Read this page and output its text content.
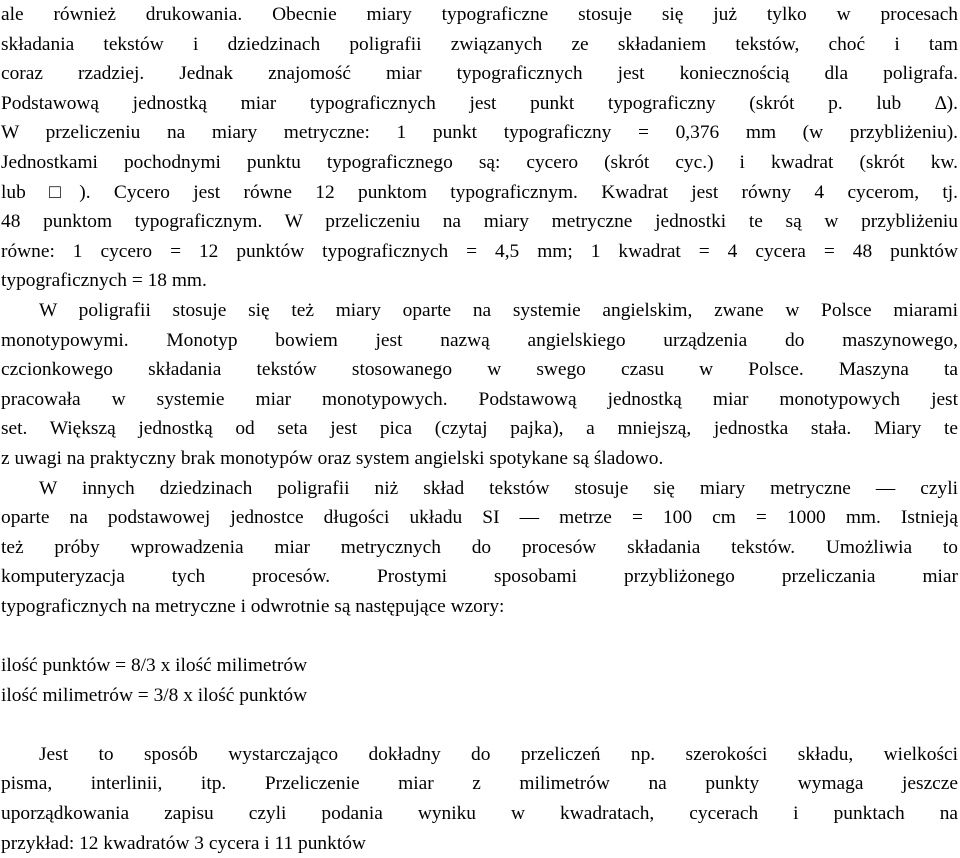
ale również drukowania. Obecnie miary typograficzne stosuje się już tylko w procesach
składania tekstów i dziedzinach poligrafii związanych ze składaniem tekstów, choć i tam
coraz rzadziej. Jednak znajomość miar typograficznych jest koniecznością dla poligrafa.
Podstawową jednostką miar typograficznych jest punkt typograficzny (skrót p. lub ∆).
W przeliczeniu na miary metryczne: 1 punkt typograficzny = 0,376 mm (w przybliżeniu).
Jednostkami pochodnymi punktu typograficznego są: cycero (skrót cyc.) i kwadrat (skrót kw.
lub □). Cycero jest równe 12 punktom typograficznym. Kwadrat jest równy 4 cycerom, tj.
48 punktom typograficznym. W przeliczeniu na miary metryczne jednostki te są w przybliżeniu
równe: 1 cycero = 12 punktów typograficznych = 4,5 mm; 1 kwadrat = 4 cycera = 48 punktów
typograficznych = 18 mm.
W poligrafii stosuje się też miary oparte na systemie angielskim, zwane w Polsce miarami
monotypowymi. Monotyp bowiem jest nazwą angielskiego urządzenia do maszynowego,
czcionkowego składania tekstów stosowanego w swego czasu w Polsce. Maszyna ta
pracowała w systemie miar monotypowych. Podstawową jednostką miar monotypowych jest
set. Większą jednostką od seta jest pica (czytaj pajka), a mniejszą, jednostka stała. Miary te
z uwagi na praktyczny brak monotypów oraz system angielski spotykane są śladowo.
W innych dziedzinach poligrafii niż skład tekstów stosuje się miary metryczne — czyli
oparte na podstawowej jednostce długości układu SI — metrze = 100 cm = 1000 mm. Istnieją
też próby wprowadzenia miar metrycznych do procesów składania tekstów. Umożliwia to
komputeryzacja tych procesów. Prostymi sposobami przybliżonego przeliczania miar
typograficznych na metryczne i odwrotnie są następujące wzory:
ilość punktów = 8/3 x ilość milimetrów
ilość milimetrów = 3/8 x ilość punktów
Jest to sposób wystarczająco dokładny do przeliczeń np. szerokości składu, wielkości
pisma, interlinii, itp. Przeliczenie miar z milimetrów na punkty wymaga jeszcze
uporządkowania zapisu czyli podania wyniku w kwadratach, cycerach i punktach na
przykład: 12 kwadratów 3 cycera i 11 punktów
